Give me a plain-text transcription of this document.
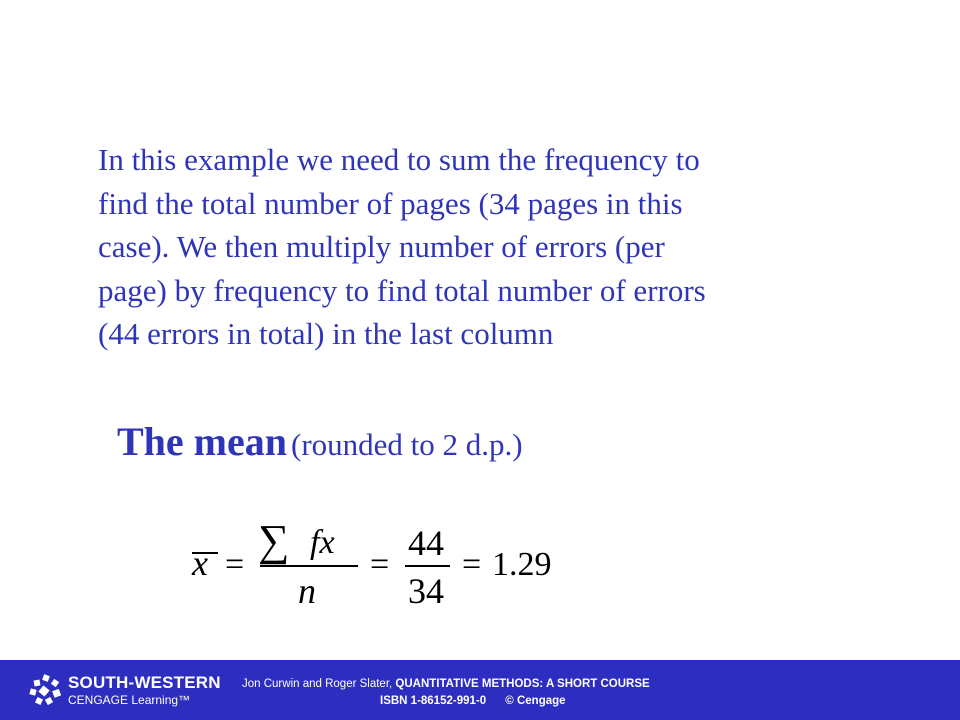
In this example we need to sum the frequency to
find the total number of pages (34 pages in this
case). We then multiply number of errors (per
page) by frequency to find total number of errors
(44 errors in total) in the last column
The mean (rounded to 2 d.p.)
x = ∑ fx
n
=
44
34
= 1.29
SOUTH-WESTERN
CENGAGE Learning™
Jon Curwin and Roger Slater, QUANTITATIVE METHODS: A SHORT COURSE
ISBN 1-86152-991-0 © Cengage
